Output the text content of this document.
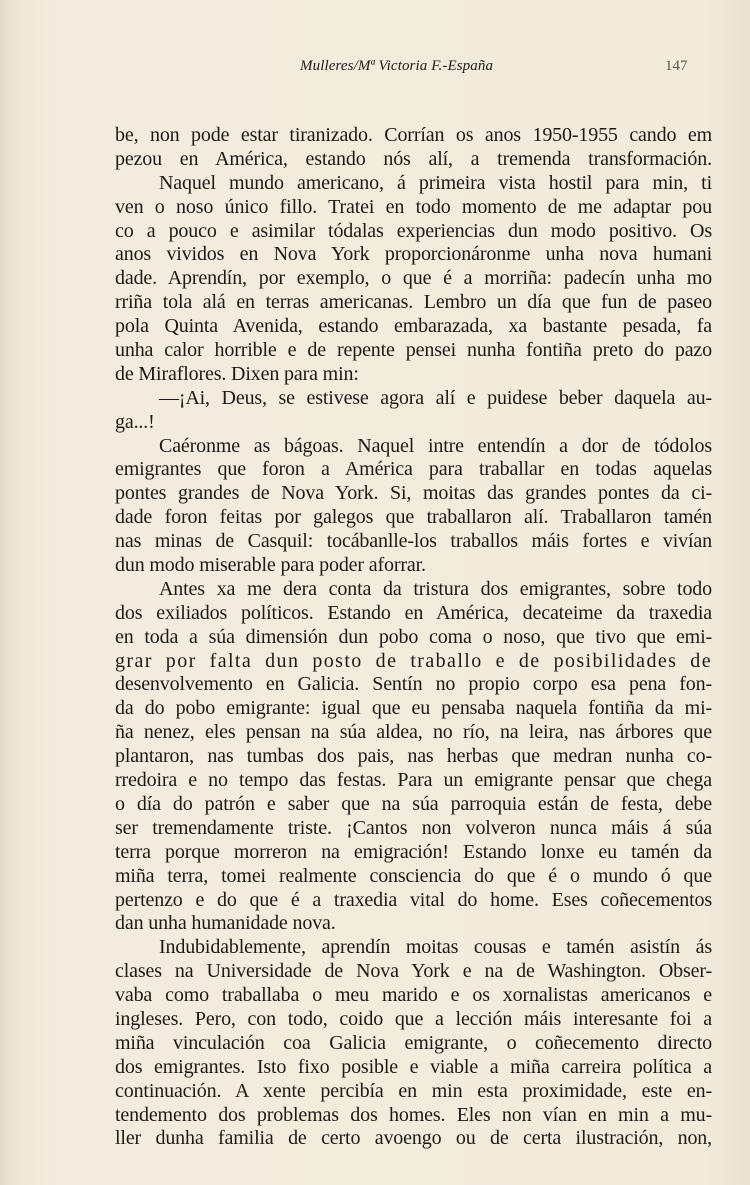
Mulleres/Mª Victoria F.-España	147
be, non pode estar tiranizado. Corrían os anos 1950-1955 cando em
pezou en América, estando nós alí, a tremenda transformación.
Naquel mundo americano, á primeira vista hostil para min, ti
ven o noso único fillo. Tratei en todo momento de me adaptar pou
co a pouco e asimilar tódalas experiencias dun modo positivo. Os
anos vividos en Nova York proporcionáronme unha nova humani
dade. Aprendín, por exemplo, o que é a morriña: padecín unha mo
rriña tola alá en terras americanas. Lembro un día que fun de paseo
pola Quinta Avenida, estando embarazada, xa bastante pesada, fa
unha calor horrible e de repente pensei nunha fontiña preto do pazo
de Miraflores. Dixen para min:
—¡Ai, Deus, se estivese agora alí e puidese beber daquela au-
ga...!
Caéronme as bágoas. Naquel intre entendín a dor de tódolos
emigrantes que foron a América para traballar en todas aquelas
pontes grandes de Nova York. Si, moitas das grandes pontes da ci-
dade foron feitas por galegos que traballaron alí. Traballaron tamén
nas minas de Casquil: tocábanlle-los traballos máis fortes e vivían
dun modo miserable para poder aforrar.
Antes xa me dera conta da tristura dos emigrantes, sobre todo
dos exiliados políticos. Estando en América, decateime da traxedia
en toda a súa dimensión dun pobo coma o noso, que tivo que emi-
grar por falta dun posto de traballo e de posibilidades de
desenvolvemento en Galicia. Sentín no propio corpo esa pena fon-
da do pobo emigrante: igual que eu pensaba naquela fontiña da mi-
ña nenez, eles pensan na súa aldea, no río, na leira, nas árbores que
plantaron, nas tumbas dos pais, nas herbas que medran nunha co-
rredoira e no tempo das festas. Para un emigrante pensar que chega
o día do patrón e saber que na súa parroquia están de festa, debe
ser tremendamente triste. ¡Cantos non volveron nunca máis á súa
terra porque morreron na emigración! Estando lonxe eu tamén da
miña terra, tomei realmente consciencia do que é o mundo ó que
pertenzo e do que é a traxedia vital do home. Eses coñecementos
dan unha humanidade nova.
Indubidablemente, aprendín moitas cousas e tamén asistín ás
clases na Universidade de Nova York e na de Washington. Obser-
vaba como traballaba o meu marido e os xornalistas americanos e
ingleses. Pero, con todo, coido que a lección máis interesante foi a
miña vinculación coa Galicia emigrante, o coñecemento directo
dos emigrantes. Isto fixo posible e viable a miña carreira política a
continuación. A xente percibía en min esta proximidade, este en-
tendemento dos problemas dos homes. Eles non vían en min a mu-
ller dunha familia de certo avoengo ou de certa ilustración, non,
